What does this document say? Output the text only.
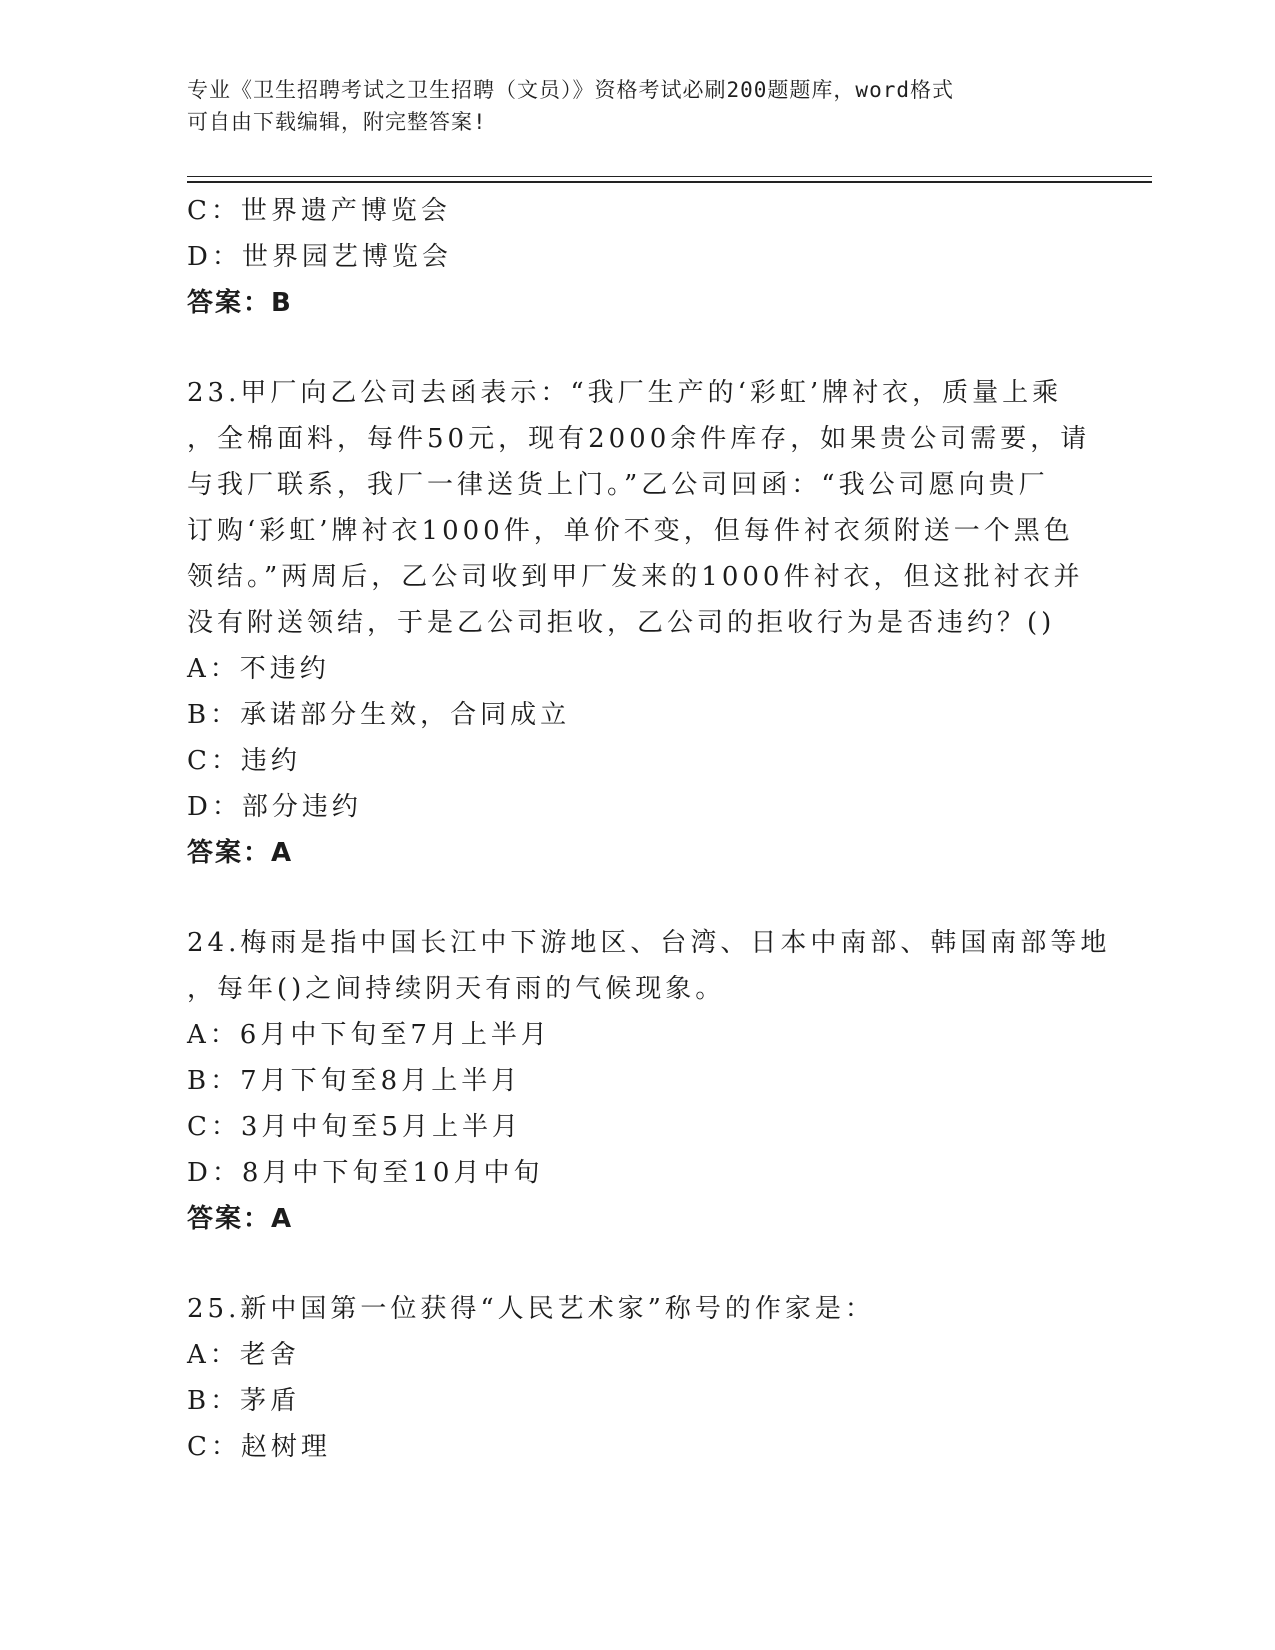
专业《卫生招聘考试之卫生招聘（文员）》资格考试必刷200题题库，word格式
可自由下载编辑，附完整答案!
C：世界遗产博览会
D：世界园艺博览会
答案：B
23.甲厂向乙公司去函表示：“我厂生产的‘彩虹’牌衬衣，质量上乘
，全棉面料，每件50元，现有2000余件库存，如果贵公司需要，请
与我厂联系，我厂一律送货上门。”乙公司回函：“我公司愿向贵厂
订购‘彩虹’牌衬衣1000件，单价不变，但每件衬衣须附送一个黑色
领结。”两周后，乙公司收到甲厂发来的1000件衬衣，但这批衬衣并
没有附送领结，于是乙公司拒收，乙公司的拒收行为是否违约？()
A：不违约
B：承诺部分生效，合同成立
C：违约
D：部分违约
答案：A
24.梅雨是指中国长江中下游地区、台湾、日本中南部、韩国南部等地
，每年()之间持续阴天有雨的气候现象。
A：6月中下旬至7月上半月
B：7月下旬至8月上半月
C：3月中旬至5月上半月
D：8月中下旬至10月中旬
答案：A
25.新中国第一位获得“人民艺术家”称号的作家是：
A：老舍
B：茅盾
C：赵树理
